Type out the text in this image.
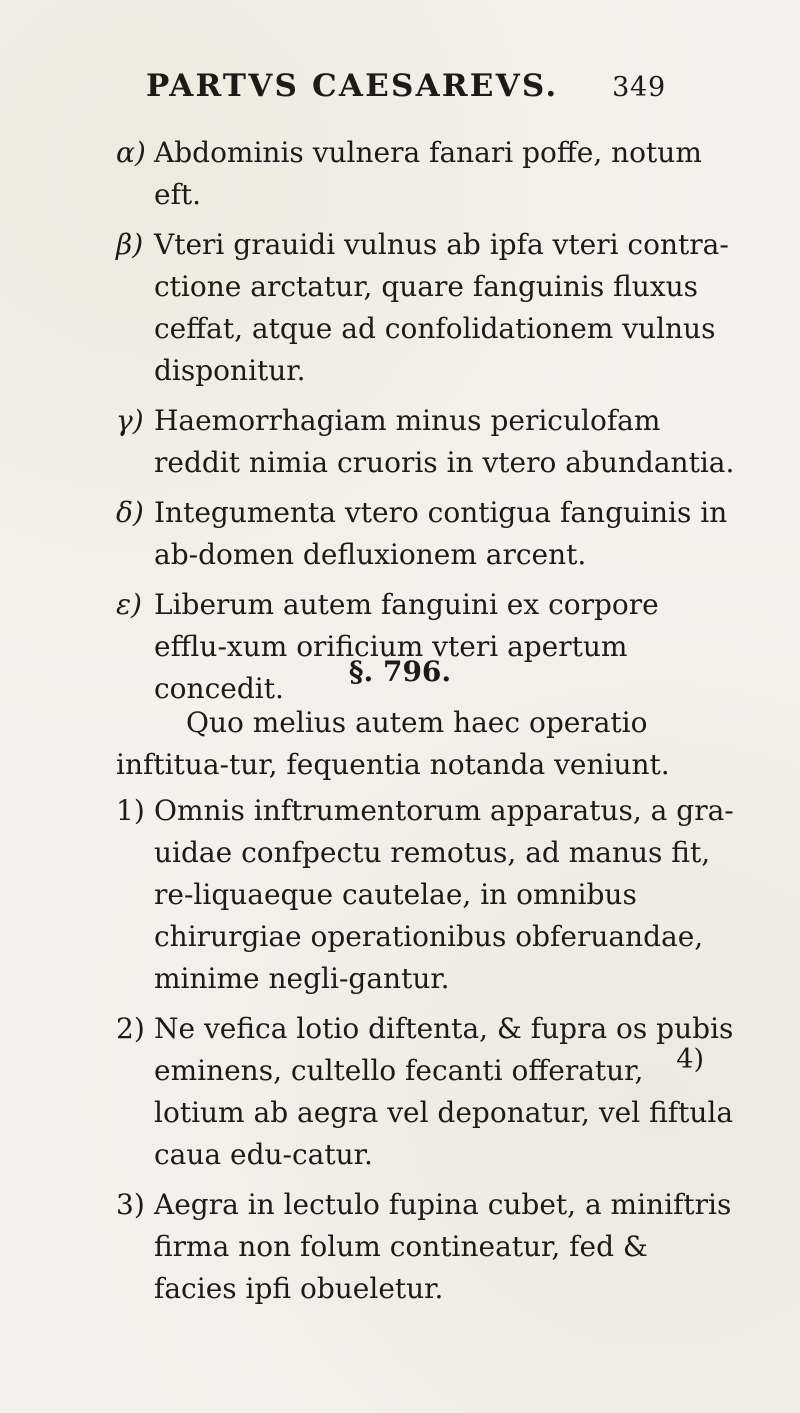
PARTVS CAESAREVS. 349
α) Abdominis vulnera fanari poffe, notum eft.
β) Vteri grauidi vulnus ab ipfa vteri contra-ctione arctatur, quare fanguinis fluxus ceffat, atque ad confolidationem vulnus disponitur.
γ) Haemorrhagiam minus periculofam reddit nimia cruoris in vtero abundantia.
δ) Integumenta vtero contigua fanguinis in ab-domen defluxionem arcent.
ε) Liberum autem fanguini ex corpore efflu-xum orificium vteri apertum concedit.
§. 796.
Quo melius autem haec operatio inftitua-tur, fequentia notanda veniunt.
1) Omnis inftrumentorum apparatus, a gra-uidae confpectu remotus, ad manus fit, re-liquaeque cautelae, in omnibus chirurgiae operationibus obferuandae, minime negli-gantur.
2) Ne vefica lotio diftenta, & fupra os pubis eminens, cultello fecanti offeratur, lotium ab aegra vel deponatur, vel fiftula caua edu-catur.
3) Aegra in lectulo fupina cubet, a miniftris firma non folum contineatur, fed & facies ipfi obueletur.
4)
